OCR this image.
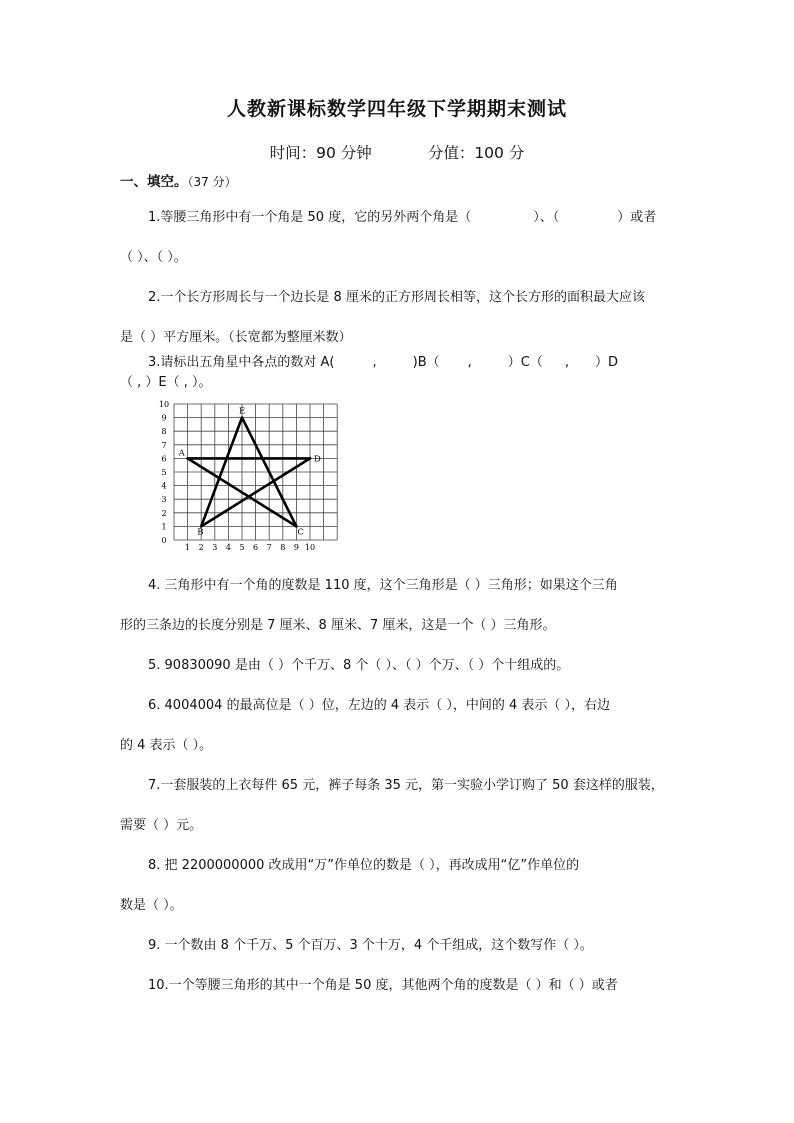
人教新课标数学四年级下学期期末测试
时间：90 分钟	分值：100 分
一、填空。（37 分）
1.等腰三角形中有一个角是 50 度，它的另外两个角是（	）、（	）或者
（ ）、（ ）。
2.一个长方形周长与一个边长是 8 厘米的正方形周长相等，这个长方形的面积最大应该
是（ ）平方厘米。（长宽都为整厘米数）
3.请标出五角星中各点的数对 A(	,	)B（ ,	）C（ , ）D
（ , ）E（ , ）。
1 2 3 4 5 6 7 8 9 10
0
1
2
3
4
5
6
7
8
9
10
A
B	C
D
E
4. 三角形中有一个角的度数是 110 度，这个三角形是（ ）三角形；如果这个三角
形的三条边的长度分别是 7 厘米、8 厘米、7 厘米，这是一个（ ）三角形。
5. 90830090 是由（ ）个千万、8 个（ ）、（ ）个万、（ ）个十组成的。
6. 4004004 的最高位是（ ）位，左边的 4 表示（ ），中间的 4 表示（ ），右边
的 4 表示（ ）。
7.一套服装的上衣每件 65 元，裤子每条 35 元，第一实验小学订购了 50 套这样的服装，
需要（ ）元。
8. 把 2200000000 改成用“万”作单位的数是（ ），再改成用“亿”作单位的
数是（ ）。
9. 一个数由 8 个千万、5 个百万、3 个十万，4 个千组成，这个数写作（ ）。
10.一个等腰三角形的其中一个角是 50 度，其他两个角的度数是（ ）和（ ）或者
